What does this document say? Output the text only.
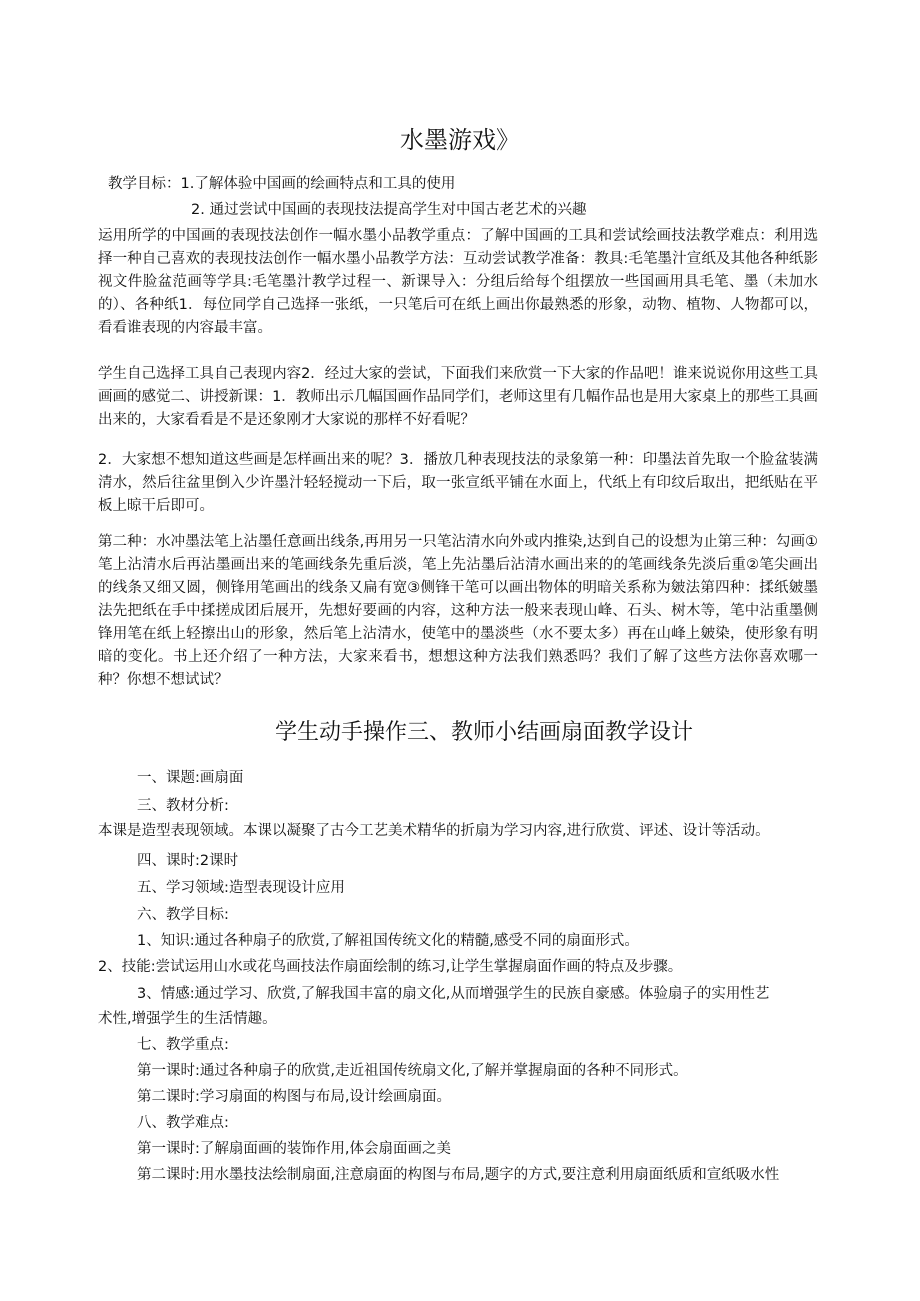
水墨游戏》

教学目标：1.了解体验中国画的绘画特点和工具的使用

2. 通过尝试中国画的表现技法提高学生对中国古老艺术的兴趣

运用所学的中国画的表现技法创作一幅水墨小品教学重点：了解中国画的工具和尝试绘画技法教学难点：利用选择一种自己喜欢的表现技法创作一幅水墨小品教学方法：互动尝试教学准备：教具:毛笔墨汁宣纸及其他各种纸影视文件脸盆范画等学具:毛笔墨汁教学过程一、新课导入：分组后给每个组摆放一些国画用具毛笔、墨（未加水的）、各种纸1．每位同学自己选择一张纸，一只笔后可在纸上画出你最熟悉的形象，动物、植物、人物都可以，看看谁表现的内容最丰富。

学生自己选择工具自己表现内容2．经过大家的尝试，下面我们来欣赏一下大家的作品吧！谁来说说你用这些工具画画的感觉二、讲授新课：1．教师出示几幅国画作品同学们，老师这里有几幅作品也是用大家桌上的那些工具画出来的，大家看看是不是还象刚才大家说的那样不好看呢？

2．大家想不想知道这些画是怎样画出来的呢？3．播放几种表现技法的录象第一种：印墨法首先取一个脸盆装满清水，然后往盆里倒入少许墨汁轻轻搅动一下后，取一张宣纸平铺在水面上，代纸上有印纹后取出，把纸贴在平板上晾干后即可。

第二种：水冲墨法笔上沾墨任意画出线条,再用另一只笔沾清水向外或内推染,达到自己的设想为止第三种：勾画①笔上沾清水后再沾墨画出来的笔画线条先重后淡，笔上先沾墨后沾清水画出来的的笔画线条先淡后重②笔尖画出的线条又细又圆，侧锋用笔画出的线条又扁有宽③侧锋干笔可以画出物体的明暗关系称为皴法第四种：揉纸皴墨法先把纸在手中揉搓成团后展开，先想好要画的内容，这种方法一般来表现山峰、石头、树木等，笔中沾重墨侧锋用笔在纸上轻擦出山的形象，然后笔上沾清水，使笔中的墨淡些（水不要太多）再在山峰上皴染，使形象有明暗的变化。书上还介绍了一种方法，大家来看书，想想这种方法我们熟悉吗？我们了解了这些方法你喜欢哪一种？你想不想试试？

学生动手操作三、教师小结画扇面教学设计

一、课题:画扇面

三、教材分析:

本课是造型表现领域。本课以凝聚了古今工艺美术精华的折扇为学习内容,进行欣赏、评述、设计等活动。

四、课时:2课时

五、学习领域:造型表现设计应用

六、教学目标:

1、知识:通过各种扇子的欣赏,了解祖国传统文化的精髓,感受不同的扇面形式。

2、技能:尝试运用山水或花鸟画技法作扇面绘制的练习,让学生掌握扇面作画的特点及步骤。

3、情感:通过学习、欣赏,了解我国丰富的扇文化,从而增强学生的民族自豪感。体验扇子的实用性艺

术性,增强学生的生活情趣。

七、教学重点:

第一课时:通过各种扇子的欣赏,走近祖国传统扇文化,了解并掌握扇面的各种不同形式。

第二课时:学习扇面的构图与布局,设计绘画扇面。

八、教学难点:

第一课时:了解扇面画的装饰作用,体会扇面画之美

第二课时:用水墨技法绘制扇面,注意扇面的构图与布局,题字的方式,要注意利用扇面纸质和宣纸吸水性
